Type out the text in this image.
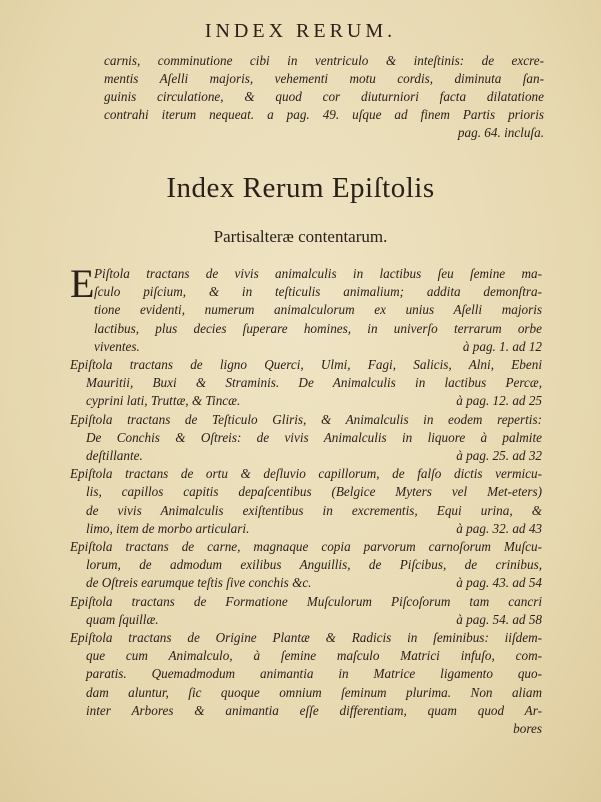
INDEX RERUM.
carnis, comminutione cibi in ventriculo & inteſtinis: de excre-
mentis Aſelli majoris, vehementi motu cordis, diminuta ſan-
guinis circulatione, & quod cor diuturniori facta dilatatione
contrahi iterum nequeat. a pag. 49. uſque ad finem Partis prioris
pag. 64. incluſa.
Index Rerum Epiſtolis
Partisalteræ contentarum.
E Piſtola tractans de vivis animalculis in lactibus ſeu ſemine ma-
ſculo piſcium, & in teſticulis animalium; addita demonſtra-
tione evidenti, numerum animalculorum ex unius Aſelli majoris
lactibus, plus decies ſuperare homines, in univerſo terrarum orbe
viventes.	à pag. 1. ad 12
Epiſtola tractans de ligno Querci, Ulmi, Fagi, Salicis, Alni, Ebeni
Mauritii, Buxi & Straminis. De Animalculis in lactibus Percæ,
cyprini lati, Truttæ, & Tincæ.	à pag. 12. ad 25
Epiſtola tractans de Teſticulo Gliris, & Animalculis in eodem repertis:
De Conchis & Oſtreis: de vivis Animalculis in liquore à palmite
deſtillante.	à pag. 25. ad 32
Epiſtola tractans de ortu & deſluvio capillorum, de falſo dictis vermicu-
lis, capillos capitis depaſcentibus (Belgice Myters vel Met-eters)
de vivis Animalculis exiſtentibus in excrementis, Equi urina, &
limo, item de morbo articulari.	à pag. 32. ad 43
Epiſtola tractans de carne, magnaque copia parvorum carnoſorum Muſcu-
lorum, de admodum exilibus Anguillis, de Piſcibus, de crinibus,
de Oſtreis earumque teſtis ſive conchis &c.	à pag. 43. ad 54
Epiſtola tractans de Formatione Muſculorum Piſcoſorum tam cancri
quam ſquillæ.	à pag. 54. ad 58
Epiſtola tractans de Origine Plantæ & Radicis in ſeminibus: iiſdem-
que cum Animalculo, à ſemine maſculo Matrici infuſo, com-
paratis. Quemadmodum animantia in Matrice ligamento quo-
dam aluntur, ſic quoque omnium ſeminum plurima. Non aliam
inter Arbores & animantia eſſe differentiam, quam quod Ar-
bores
